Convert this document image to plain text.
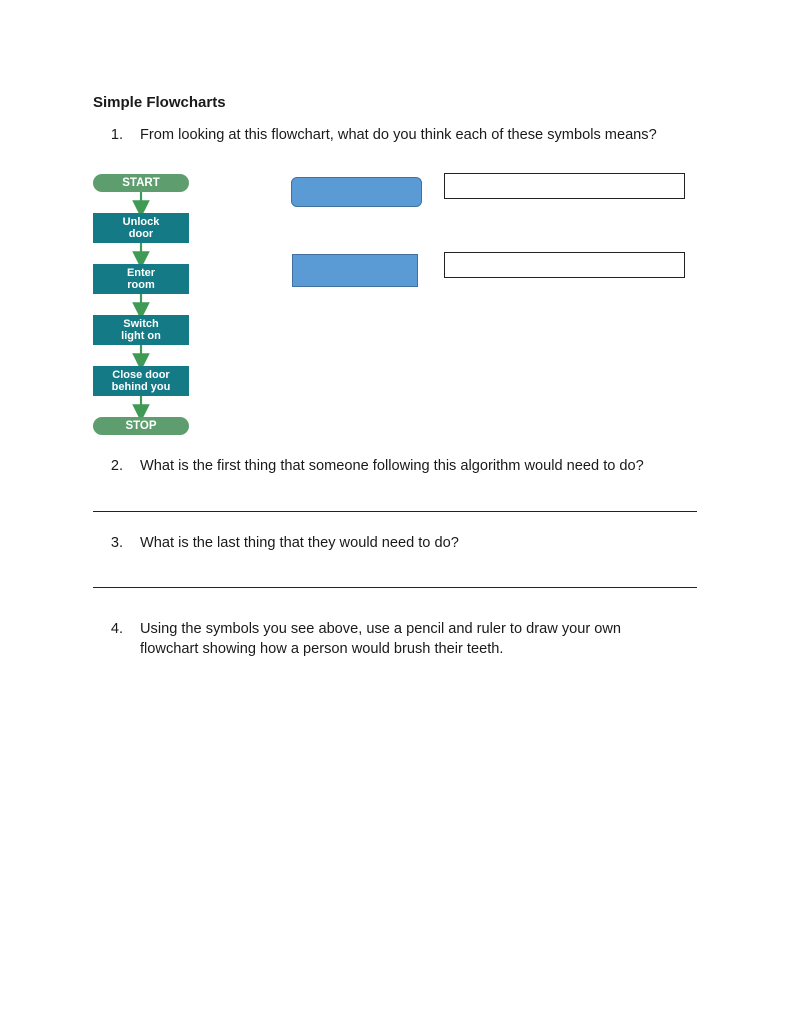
Simple Flowcharts
1. From looking at this flowchart, what do you think each of these symbols means?
START
Unlock
door
Enter
room
Switch
light on
Close door
behind you
STOP
2. What is the first thing that someone following this algorithm would need to do?
3. What is the last thing that they would need to do?
4. Using the symbols you see above, use a pencil and ruler to draw your own
flowchart showing how a person would brush their teeth.
